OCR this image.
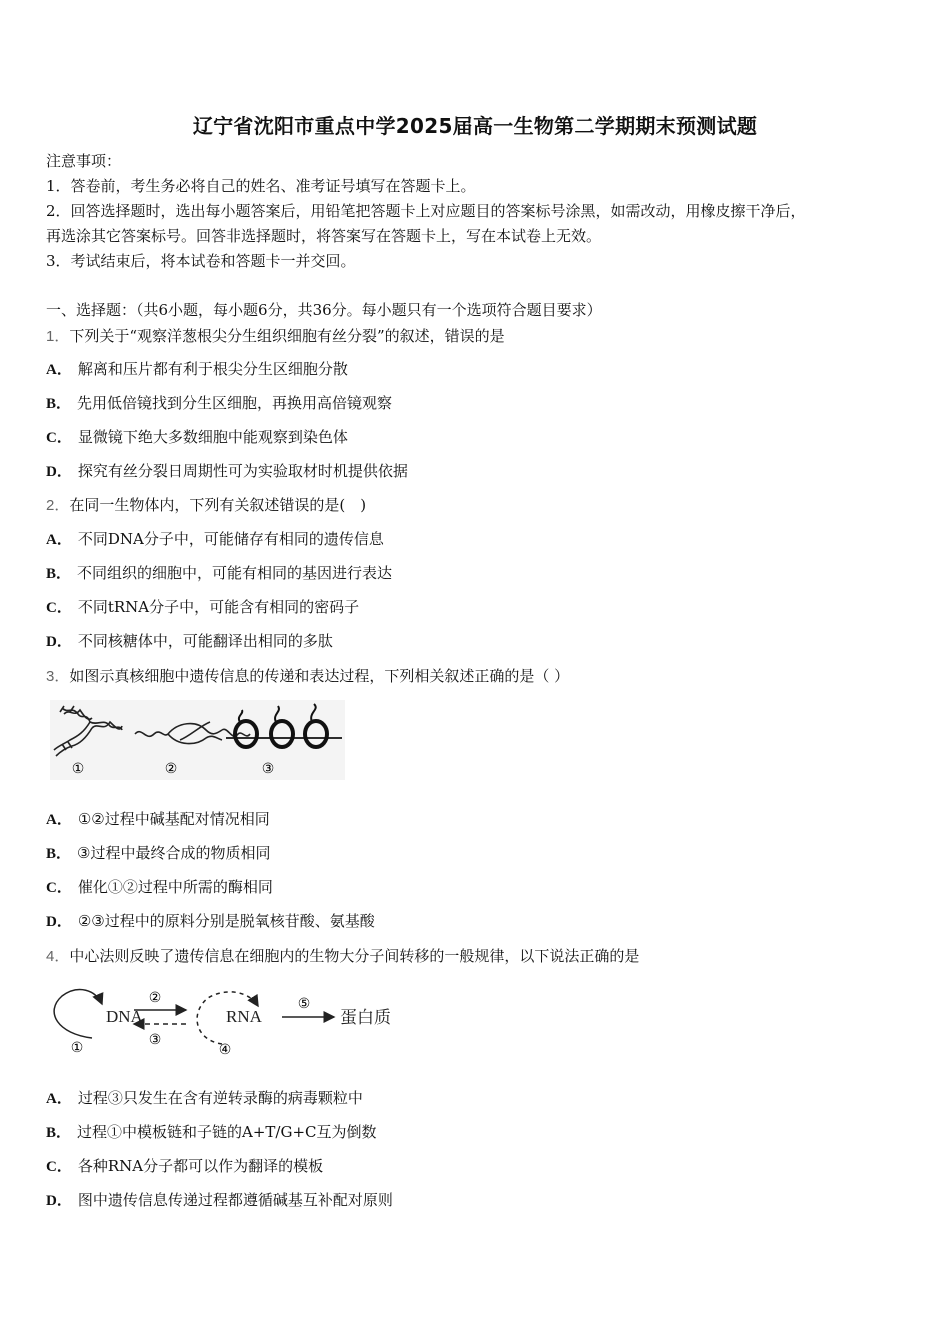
辽宁省沈阳市重点中学2025届高一生物第二学期期末预测试题
注意事项：
1．答卷前，考生务必将自己的姓名、准考证号填写在答题卡上。
2．回答选择题时，选出每小题答案后，用铅笔把答题卡上对应题目的答案标号涂黑，如需改动，用橡皮擦干净后，
再选涂其它答案标号。回答非选择题时，将答案写在答题卡上，写在本试卷上无效。
3．考试结束后，将本试卷和答题卡一并交回。
一、选择题：（共6小题，每小题6分，共36分。每小题只有一个选项符合题目要求）
1．下列关于“观察洋葱根尖分生组织细胞有丝分裂”的叙述，错误的是
A． 解离和压片都有利于根尖分生区细胞分散
B． 先用低倍镜找到分生区细胞，再换用高倍镜观察
C． 显微镜下绝大多数细胞中能观察到染色体
D． 探究有丝分裂日周期性可为实验取材时机提供依据
2．在同一生物体内，下列有关叙述错误的是(　)
A． 不同DNA分子中，可能储存有相同的遗传信息
B． 不同组织的细胞中，可能有相同的基因进行表达
C． 不同tRNA分子中，可能含有相同的密码子
D． 不同核糖体中，可能翻译出相同的多肽
3．如图示真核细胞中遗传信息的传递和表达过程，下列相关叙述正确的是（ ）
①	②	③
A． ①②过程中碱基配对情况相同
B． ③过程中最终合成的物质相同
C． 催化①②过程中所需的酶相同
D． ②③过程中的原料分别是脱氧核苷酸、氨基酸
4．中心法则反映了遗传信息在细胞内的生物大分子间转移的一般规律，以下说法正确的是
DNA
①
②
③
RNA
④
⑤
蛋白质
A． 过程③只发生在含有逆转录酶的病毒颗粒中
B． 过程①中模板链和子链的A+T/G+C互为倒数
C． 各种RNA分子都可以作为翻译的模板
D． 图中遗传信息传递过程都遵循碱基互补配对原则
